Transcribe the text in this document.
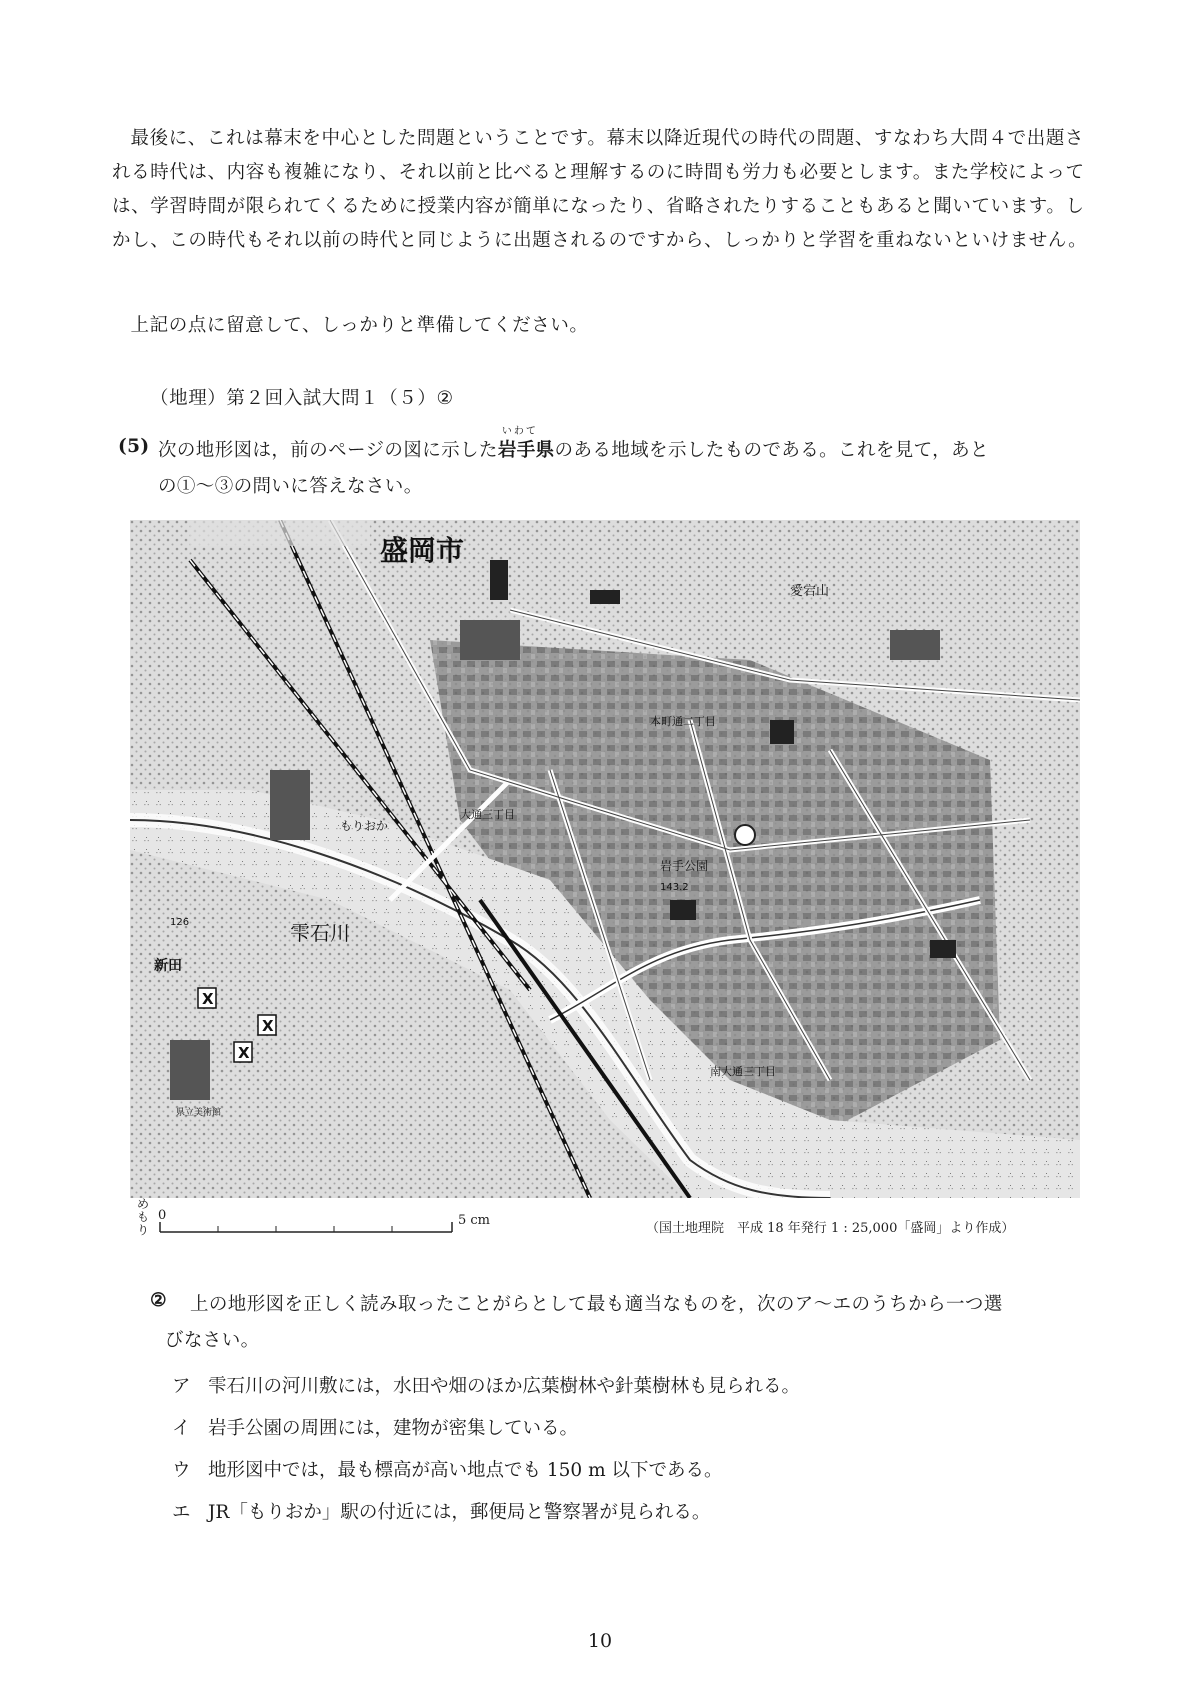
最後に、これは幕末を中心とした問題ということです。幕末以降近現代の時代の問題、すなわち大問４で出題される時代は、内容も複雑になり、それ以前と比べると理解するのに時間も労力も必要とします。また学校によっては、学習時間が限られてくるために授業内容が簡単になったり、省略されたりすることもあると聞いています。しかし、この時代もそれ以前の時代と同じように出題されるのですから、しっかりと学習を重ねないといけません。

上記の点に留意して、しっかりと準備してください。

（地理）第２回入試大問１（５）②
(5) 次の地形図は，前のページの図に示した
いわて
岩手県のある地域を示したものである。これを見て，あと
の①～③の問いに答えなさい。
盛岡市
愛宕山
雫石川
新田
もりおか
岩手公園
本町通二丁目
大通三丁目
南大通三丁目
県立美術館
143.2
126
X
X
X
めもり
0	5 cm
（国土地理院　平成 18 年発行 1 : 25,000「盛岡」より作成）
② 上の地形図を正しく読み取ったことがらとして最も適当なものを，次のア～エのうちから一つ選
びなさい。
ア 雫石川の河川敷には，水田や畑のほか広葉樹林や針葉樹林も見られる。
イ 岩手公園の周囲には，建物が密集している。
ウ 地形図中では，最も標高が高い地点でも 150 m 以下である。
エ JR「もりおか」駅の付近には，郵便局と警察署が見られる。
10
